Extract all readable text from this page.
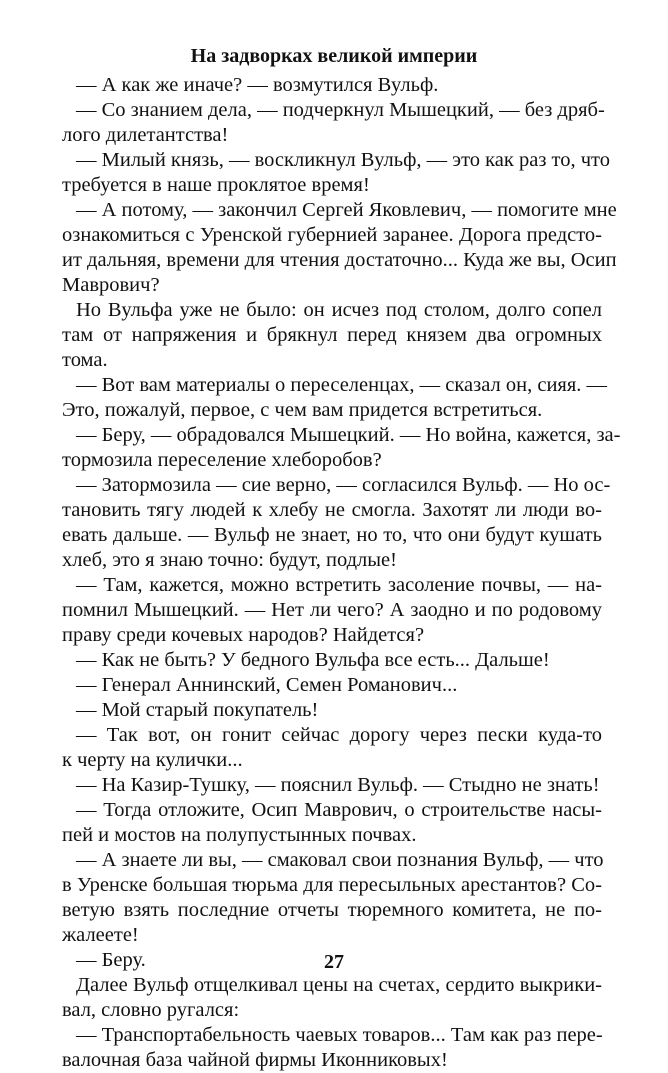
На задворках великой империи
— А как же иначе? — возмутился Вульф.
— Со знанием дела, — подчеркнул Мышецкий, — без дряб-
лого дилетантства!
— Милый князь, — воскликнул Вульф, — это как раз то, что
требуется в наше проклятое время!
— А потому, — закончил Сергей Яковлевич, — помогите мне
ознакомиться с Уренской губернией заранее. Дорога предсто-
ит дальняя, времени для чтения достаточно... Куда же вы, Осип
Маврович?
Но Вульфа уже не было: он исчез под столом, долго сопел
там от напряжения и брякнул перед князем два огромных
тома.
— Вот вам материалы о переселенцах, — сказал он, сияя. —
Это, пожалуй, первое, с чем вам придется встретиться.
— Беру, — обрадовался Мышецкий. — Но война, кажется, за-
тормозила переселение хлеборобов?
— Затормозила — сие верно, — согласился Вульф. — Но ос-
тановить тягу людей к хлебу не смогла. Захотят ли люди во-
евать дальше. — Вульф не знает, но то, что они будут кушать
хлеб, это я знаю точно: будут, подлые!
— Там, кажется, можно встретить засоление почвы, — на-
помнил Мышецкий. — Нет ли чего? А заодно и по родовому
праву среди кочевых народов? Найдется?
— Как не быть? У бедного Вульфа все есть... Дальше!
— Генерал Аннинский, Семен Романович...
— Мой старый покупатель!
— Так вот, он гонит сейчас дорогу через пески куда-то
к черту на кулички...
— На Казир-Тушку, — пояснил Вульф. — Стыдно не знать!
— Тогда отложите, Осип Маврович, о строительстве насы-
пей и мостов на полупустынных почвах.
— А знаете ли вы, — смаковал свои познания Вульф, — что
в Уренске большая тюрьма для пересыльных арестантов? Со-
ветую взять последние отчеты тюремного комитета, не по-
жалеете!
— Беру.
Далее Вульф отщелкивал цены на счетах, сердито выкрики-
вал, словно ругался:
— Транспортабельность чаевых товаров... Там как раз пере-
валочная база чайной фирмы Иконниковых!
27
